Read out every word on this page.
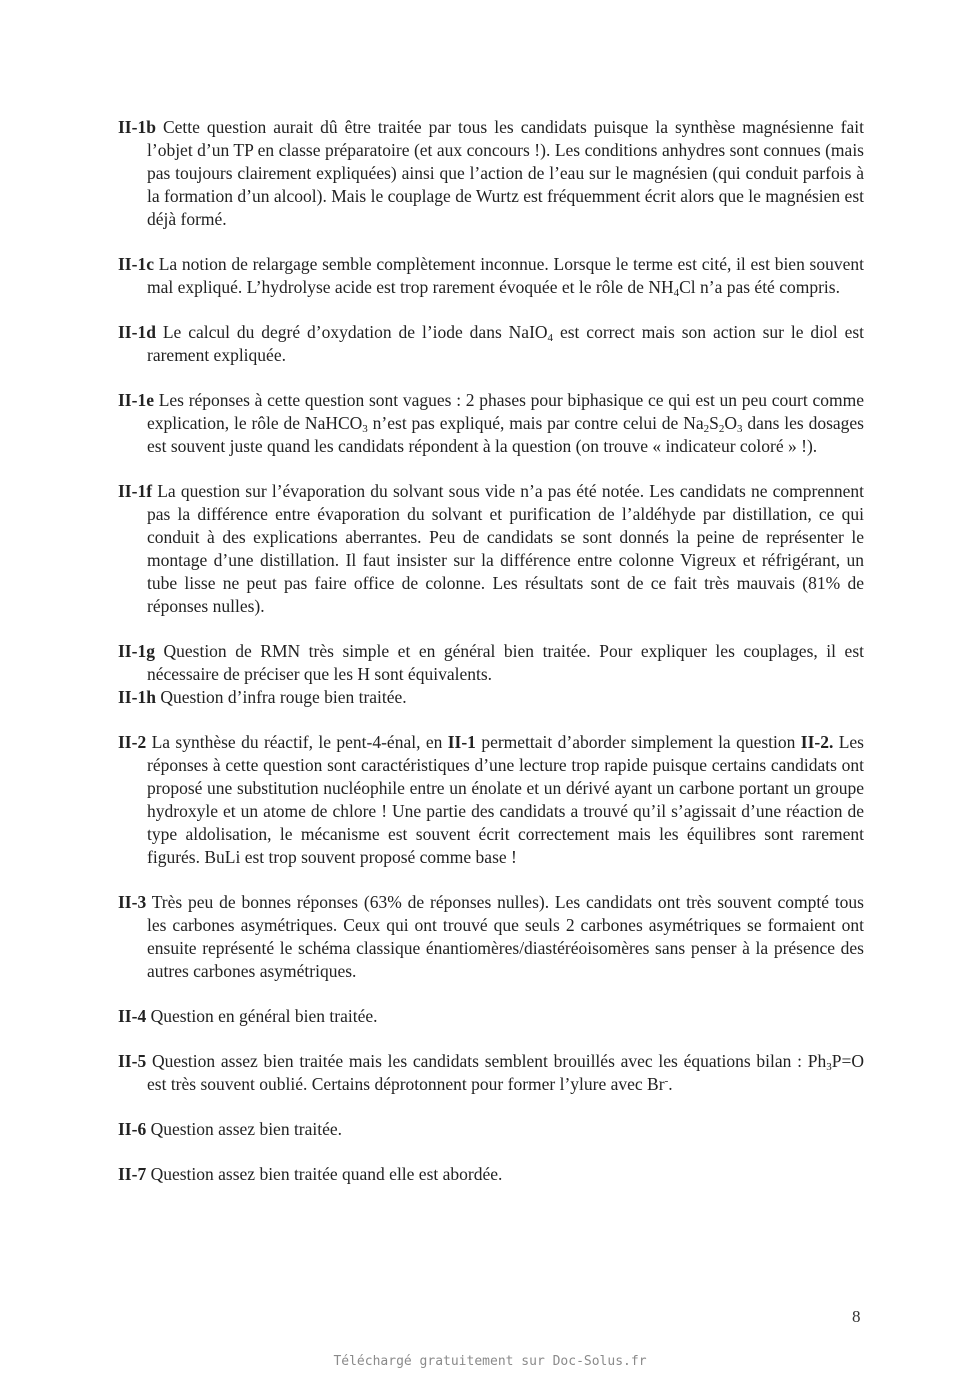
II-1b Cette question aurait dû être traitée par tous les candidats puisque la synthèse magnésienne fait l’objet d’un TP en classe préparatoire (et aux concours !). Les conditions anhydres sont connues (mais pas toujours clairement expliquées) ainsi que l’action de l’eau sur le magnésien (qui conduit parfois à la formation d’un alcool). Mais le couplage de Wurtz est fréquemment écrit alors que le magnésien est déjà formé.

II-1c La notion de relargage semble complètement inconnue. Lorsque le terme est cité, il est bien souvent mal expliqué. L’hydrolyse acide est trop rarement évoquée et le rôle de $NH_4Cl$ n’a pas été compris.

II-1d Le calcul du degré d’oxydation de l’iode dans NaIO$_4$ est correct mais son action sur le diol est rarement expliquée.

II-1e Les réponses à cette question sont vagues : 2 phases pour biphasique ce qui est un peu court comme explication, le rôle de NaHCO$_3$ n’est pas expliqué, mais par contre celui de $Na_2S_2O_3$ dans les dosages est souvent juste quand les candidats répondent à la question (on trouve « indicateur coloré » !).

II-1f La question sur l’évaporation du solvant sous vide n’a pas été notée. Les candidats ne comprennent pas la différence entre évaporation du solvant et purification de l’aldéhyde par distillation, ce qui conduit à des explications aberrantes. Peu de candidats se sont donnés la peine de représenter le montage d’une distillation. Il faut insister sur la différence entre colonne Vigreux et réfrigérant, un tube lisse ne peut pas faire office de colonne. Les résultats sont de ce fait très mauvais (81% de réponses nulles).

II-1g Question de RMN très simple et en général bien traitée. Pour expliquer les couplages, il est nécessaire de préciser que les H sont équivalents.

II-1h Question d’infra rouge bien traitée.

II-2 La synthèse du réactif, le pent-4-énal, en II-1 permettait d’aborder simplement la question II-2. Les réponses à cette question sont caractéristiques d’une lecture trop rapide puisque certains candidats ont proposé une substitution nucléophile entre un énolate et un dérivé ayant un carbone portant un groupe hydroxyle et un atome de chlore ! Une partie des candidats a trouvé qu’il s’agissait d’une réaction de type aldolisation, le mécanisme est souvent écrit correctement mais les équilibres sont rarement figurés. BuLi est trop souvent proposé comme base !

II-3 Très peu de bonnes réponses (63% de réponses nulles). Les candidats ont très souvent compté tous les carbones asymétriques. Ceux qui ont trouvé que seuls 2 carbones asymétriques se formaient ont ensuite représenté le schéma classique énantiomères/diastéréoisomères sans penser à la présence des autres carbones asymétriques.

II-4 Question en général bien traitée.

II-5 Question assez bien traitée mais les candidats semblent brouillés avec les équations bilan : $Ph_3P=O$ est très souvent oublié. Certains déprotonnent pour former l’ylure avec Br-.

II-6 Question assez bien traitée.

II-7 Question assez bien traitée quand elle est abordée.

8
Téléchargé gratuitement sur Doc-Solus.fr
